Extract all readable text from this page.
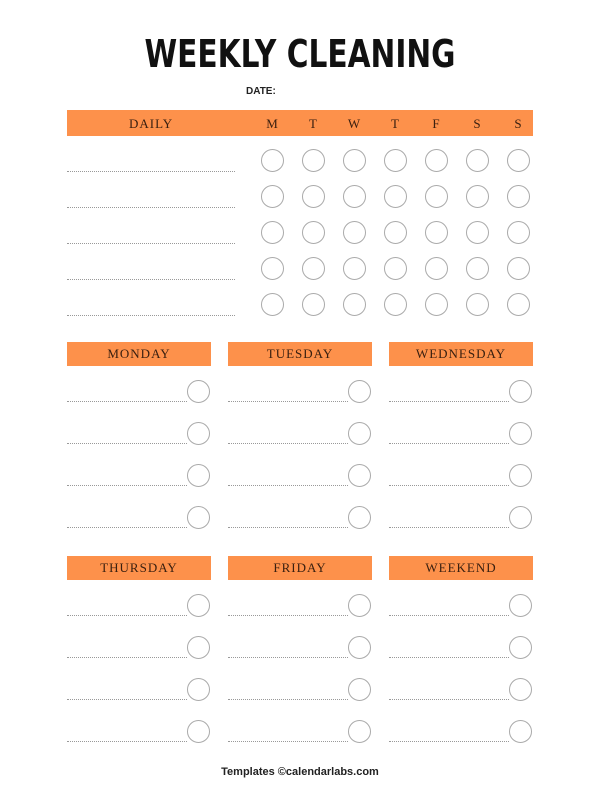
WEEKLY CLEANING
DATE:
DAILY	M	T	W	T	F	S	S
MONDAY	TUESDAY	WEDNESDAY
THURSDAY	FRIDAY	WEEKEND
Templates ©calendarlabs.com
